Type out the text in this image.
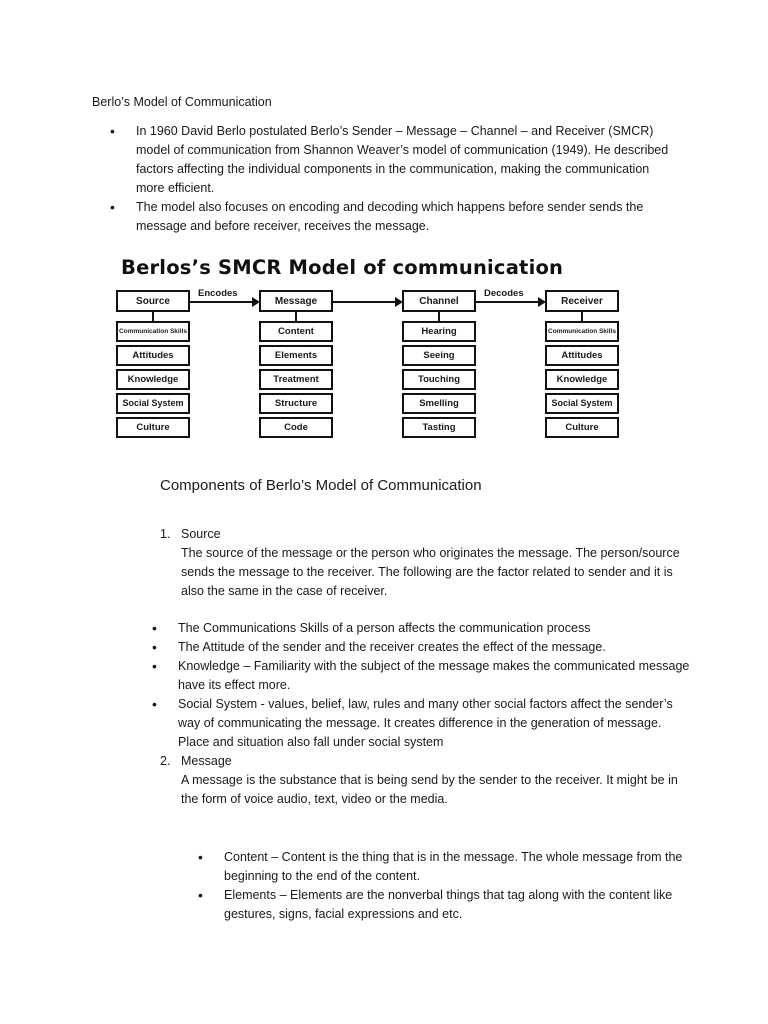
Berlo’s Model of Communication
• In 1960 David Berlo postulated Berlo’s Sender – Message – Channel – and Receiver (SMCR) model of communication from Shannon Weaver’s model of communication (1949). He described factors affecting the individual components in the communication, making the communication more efficient.
• The model also focuses on encoding and decoding which happens before sender sends the message and before receiver, receives the message.
Berlos’s SMCR Model of communication
Source
Communication Skills
Attitudes
Knowledge
Social System
Culture
Encodes
Message
Content
Elements
Treatment
Structure
Code
Channel
Hearing
Seeing
Touching
Smelling
Tasting
Decodes
Receiver
Communication Skills
Attitudes
Knowledge
Social System
Culture
Components of Berlo’s Model of Communication
1. Source
The source of the message or the person who originates the message. The person/source sends the message to the receiver. The following are the factor related to sender and it is also the same in the case of receiver.
• The Communications Skills of a person affects the communication process
• The Attitude of the sender and the receiver creates the effect of the message.
• Knowledge – Familiarity with the subject of the message makes the communicated message have its effect more.
• Social System - values, belief, law, rules and many other social factors affect the sender’s way of communicating the message. It creates difference in the generation of message. Place and situation also fall under social system
2. Message
A message is the substance that is being send by the sender to the receiver. It might be in the form of voice audio, text, video or the media.
• Content – Content is the thing that is in the message. The whole message from the beginning to the end of the content.
• Elements – Elements are the nonverbal things that tag along with the content like gestures, signs, facial expressions and etc.
